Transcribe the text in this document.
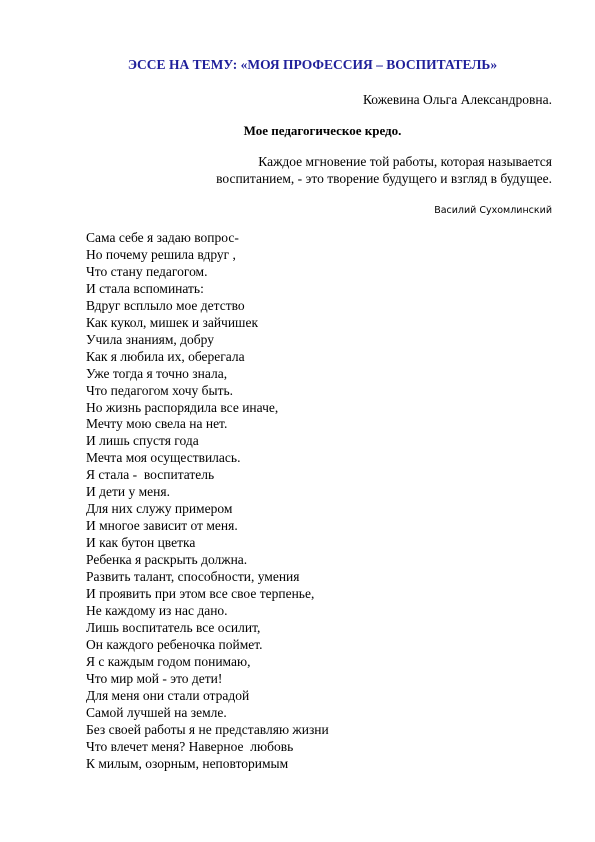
ЭССЕ НА ТЕМУ: «МОЯ ПРОФЕССИЯ – ВОСПИТАТЕЛЬ»
Кожевина Ольга Александровна.
Мое педагогическое кредо.
Каждое мгновение той работы, которая называется
воспитанием, - это творение будущего и взгляд в будущее.
Василий Сухомлинский
Сама себе я задаю вопрос-
Но почему решила вдруг ,
Что стану педагогом.
И стала вспоминать:
Вдруг всплыло мое детство
Как кукол, мишек и зайчишек
Учила знаниям, добру
Как я любила их, оберегала
Уже тогда я точно знала,
Что педагогом хочу быть.
Но жизнь распорядила все иначе,
Мечту мою свела на нет.
И лишь спустя года
Мечта моя осуществилась.
Я стала -  воспитатель
И дети у меня.
Для них служу примером
И многое зависит от меня.
И как бутон цветка
Ребенка я раскрыть должна.
Развить талант, способности, умения
И проявить при этом все свое терпенье,
Не каждому из нас дано.
Лишь воспитатель все осилит,
Он каждого ребеночка поймет.
Я с каждым годом понимаю,
Что мир мой - это дети!
Для меня они стали отрадой
Самой лучшей на земле.
Без своей работы я не представляю жизни
Что влечет меня? Наверное  любовь
К милым, озорным, неповторимым
